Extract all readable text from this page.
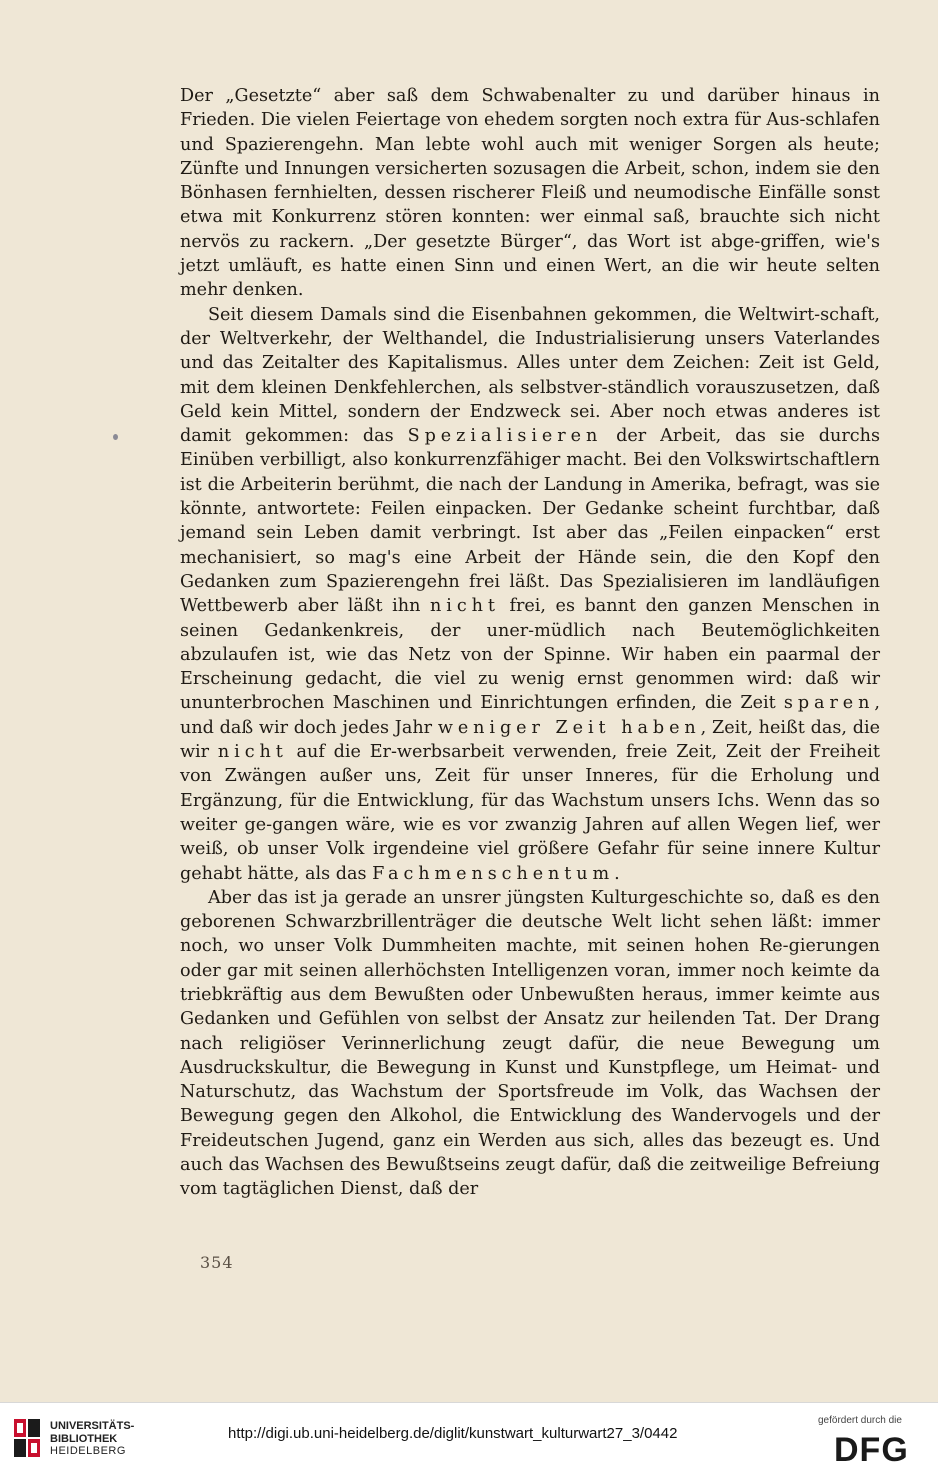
Der „Gesetzte“ aber saß dem Schwabenalter zu und darüber hinaus in Frieden. Die vielen Feiertage von ehedem sorgten noch extra für Aus-schlafen und Spazierengehn. Man lebte wohl auch mit weniger Sorgen als heute; Zünfte und Innungen versicherten sozusagen die Arbeit, schon, indem sie den Bönhasen fernhielten, dessen rischerer Fleiß und neumodische Einfälle sonst etwa mit Konkurrenz stören konnten: wer einmal saß, brauchte sich nicht nervös zu rackern. „Der gesetzte Bürger“, das Wort ist abge-griffen, wie's jetzt umläuft, es hatte einen Sinn und einen Wert, an die wir heute selten mehr denken.

Seit diesem Damals sind die Eisenbahnen gekommen, die Weltwirt-schaft, der Weltverkehr, der Welthandel, die Industrialisierung unsers Vaterlandes und das Zeitalter des Kapitalismus. Alles unter dem Zeichen: Zeit ist Geld, mit dem kleinen Denkfehlerchen, als selbstver-ständlich vorauszusetzen, daß Geld kein Mittel, sondern der Endzweck sei. Aber noch etwas anderes ist damit gekommen: das Spezialisieren der Arbeit, das sie durchs Einüben verbilligt, also konkurrenzfähiger macht. Bei den Volkswirtschaftlern ist die Arbeiterin berühmt, die nach der Landung in Amerika, befragt, was sie könnte, antwortete: Feilen einpacken. Der Gedanke scheint furchtbar, daß jemand sein Leben damit verbringt. Ist aber das „Feilen einpacken“ erst mechanisiert, so mag's eine Arbeit der Hände sein, die den Kopf den Gedanken zum Spazierengehn frei läßt. Das Spezialisieren im landläufigen Wettbewerb aber läßt ihn nicht frei, es bannt den ganzen Menschen in seinen Gedankenkreis, der uner-müdlich nach Beutemöglichkeiten abzulaufen ist, wie das Netz von der Spinne. Wir haben ein paarmal der Erscheinung gedacht, die viel zu wenig ernst genommen wird: daß wir ununterbrochen Maschinen und Einrichtungen erfinden, die Zeit sparen, und daß wir doch jedes Jahr weniger Zeit haben, Zeit, heißt das, die wir nicht auf die Er-werbsarbeit verwenden, freie Zeit, Zeit der Freiheit von Zwängen außer uns, Zeit für unser Inneres, für die Erholung und Ergänzung, für die Entwicklung, für das Wachstum unsers Ichs. Wenn das so weiter ge-gangen wäre, wie es vor zwanzig Jahren auf allen Wegen lief, wer weiß, ob unser Volk irgendeine viel größere Gefahr für seine innere Kultur gehabt hätte, als das Fachmenschentum.

Aber das ist ja gerade an unsrer jüngsten Kulturgeschichte so, daß es den geborenen Schwarzbrillenträger die deutsche Welt licht sehen läßt: immer noch, wo unser Volk Dummheiten machte, mit seinen hohen Re-gierungen oder gar mit seinen allerhöchsten Intelligenzen voran, immer noch keimte da triebkräftig aus dem Bewußten oder Unbewußten heraus, immer keimte aus Gedanken und Gefühlen von selbst der Ansatz zur heilenden Tat. Der Drang nach religiöser Verinnerlichung zeugt dafür, die neue Bewegung um Ausdruckskultur, die Bewegung in Kunst und Kunstpflege, um Heimat- und Naturschutz, das Wachstum der Sportsfreude im Volk, das Wachsen der Bewegung gegen den Alkohol, die Entwicklung des Wandervogels und der Freideutschen Jugend, ganz ein Werden aus sich, alles das bezeugt es. Und auch das Wachsen des Bewußtseins zeugt dafür, daß die zeitweilige Befreiung vom tagtäglichen Dienst, daß der

354
UNIVERSITÄTS-
BIBLIOTHEK
HEIDELBERG
http://digi.ub.uni-heidelberg.de/diglit/kunstwart_kulturwart27_3/0442
gefördert durch die
DFG
